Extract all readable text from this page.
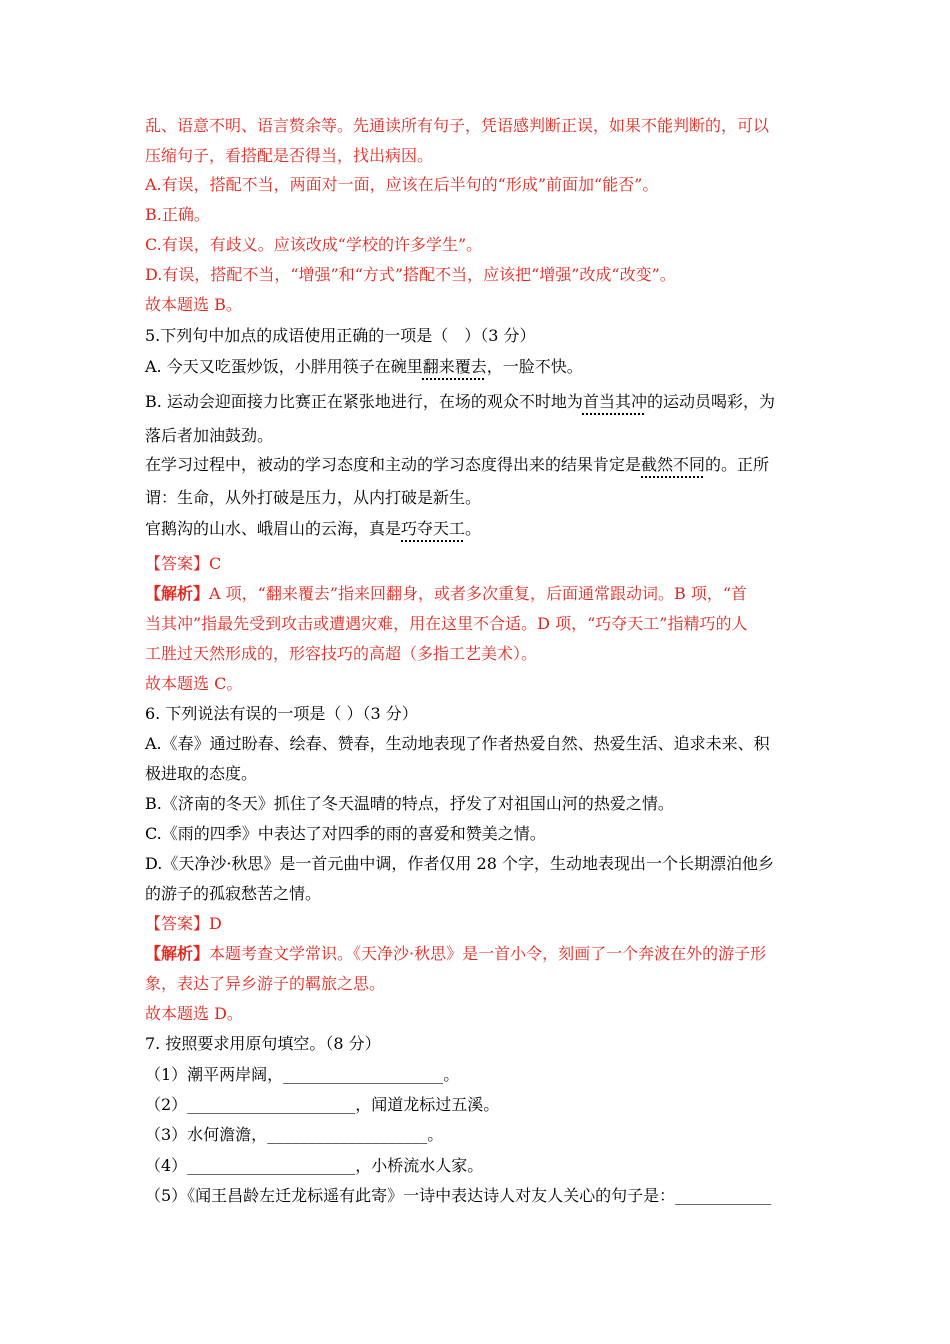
乱、语意不明、语言赘余等。先通读所有句子，凭语感判断正误，如果不能判断的，可以
压缩句子，看搭配是否得当，找出病因。
A.有误，搭配不当，两面对一面，应该在后半句的“形成”前面加“能否”。
B.正确。
C.有误，有歧义。应该改成“学校的许多学生”。
D.有误，搭配不当，“增强”和“方式”搭配不当，应该把“增强”改成“改变”。
故本题选 B。
5.下列句中加点的成语使用正确的一项是（　）（3 分）
A. 今天又吃蛋炒饭，小胖用筷子在碗里翻来覆去，一脸不快。
B. 运动会迎面接力比赛正在紧张地进行，在场的观众不时地为首当其冲的运动员喝彩，为
落后者加油鼓劲。
在学习过程中，被动的学习态度和主动的学习态度得出来的结果肯定是截然不同的。正所
谓：生命，从外打破是压力，从内打破是新生。
官鹅沟的山水、峨眉山的云海，真是巧夺天工。
【答案】C
【解析】A 项，“翻来覆去”指来回翻身，或者多次重复，后面通常跟动词。B 项，“首
当其冲”指最先受到攻击或遭遇灾难，用在这里不合适。D 项，“巧夺天工”指精巧的人
工胜过天然形成的，形容技巧的高超（多指工艺美术）。
故本题选 C。
6. 下列说法有误的一项是（ ）（3 分）
A.《春》通过盼春、绘春、赞春，生动地表现了作者热爱自然、热爱生活、追求未来、积
极进取的态度。
B.《济南的冬天》抓住了冬天温晴的特点，抒发了对祖国山河的热爱之情。
C.《雨的四季》中表达了对四季的雨的喜爱和赞美之情。
D.《天净沙·秋思》是一首元曲中调，作者仅用 28 个字，生动地表现出一个长期漂泊他乡
的游子的孤寂愁苦之情。
【答案】D
【解析】本题考查文学常识。《天净沙·秋思》是一首小令，刻画了一个奔波在外的游子形
象，表达了异乡游子的羁旅之思。
故本题选 D。
7. 按照要求用原句填空。（8 分）
（1）潮平两岸阔，____________________。
（2）_____________________，闻道龙标过五溪。
（3）水何澹澹，____________________。
（4）_____________________，小桥流水人家。
（5）《闻王昌龄左迁龙标遥有此寄》一诗中表达诗人对友人关心的句子是：____________
